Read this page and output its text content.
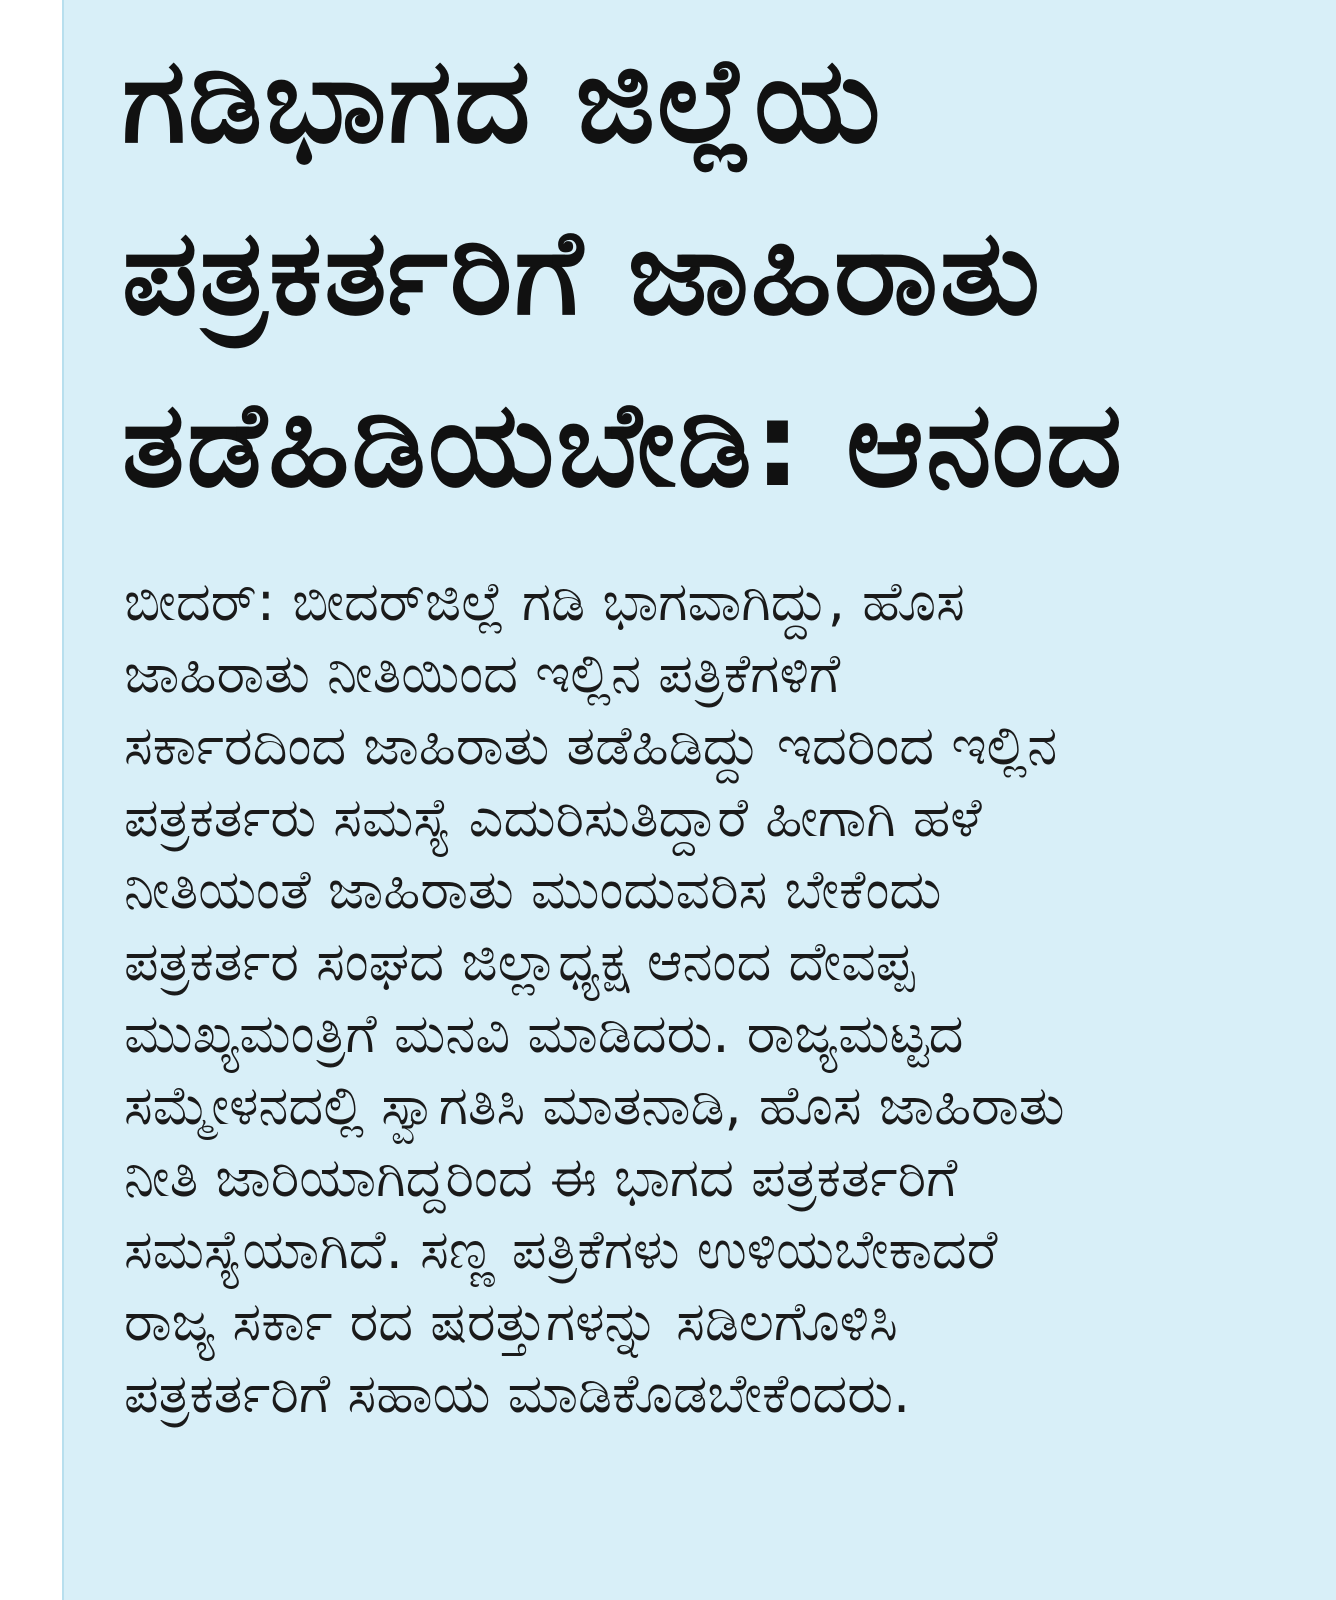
ಗಡಿಭಾಗದ ಜಿಲ್ಲೆಯ
ಪತ್ರಕರ್ತರಿಗೆ ಜಾಹಿರಾತು
ತಡೆಹಿಡಿಯಬೇಡಿ: ಆನಂದ

ಬೀದರ್: ಬೀದರ್‌ಜಿಲ್ಲೆ ಗಡಿ ಭಾಗವಾಗಿದ್ದು, ಹೊಸ
ಜಾಹಿರಾತು ನೀತಿಯಿಂದ ಇಲ್ಲಿನ ಪತ್ರಿಕೆಗಳಿಗೆ
ಸರ್ಕಾರದಿಂದ ಜಾಹಿರಾತು ತಡೆಹಿಡಿದ್ದು ಇದರಿಂದ ಇಲ್ಲಿನ
ಪತ್ರಕರ್ತರು ಸಮಸ್ಯೆ ಎದುರಿಸುತಿದ್ದಾರೆ ಹೀಗಾಗಿ ಹಳೆ
ನೀತಿಯಂತೆ ಜಾಹಿರಾತು ಮುಂದುವರಿಸ ಬೇಕೆಂದು
ಪತ್ರಕರ್ತರ ಸಂಘದ ಜಿಲ್ಲಾಧ್ಯಕ್ಷ ಆನಂದ ದೇವಪ್ಪ
ಮುಖ್ಯಮಂತ್ರಿಗೆ ಮನವಿ ಮಾಡಿದರು. ರಾಜ್ಯಮಟ್ಟದ
ಸಮ್ಮೇಳನದಲ್ಲಿ ಸ್ವಾಗತಿಸಿ ಮಾತನಾಡಿ, ಹೊಸ ಜಾಹಿರಾತು
ನೀತಿ ಜಾರಿಯಾಗಿದ್ದರಿಂದ ಈ ಭಾಗದ ಪತ್ರಕರ್ತರಿಗೆ
ಸಮಸ್ಯೆಯಾಗಿದೆ. ಸಣ್ಣ ಪತ್ರಿಕೆಗಳು ಉಳಿಯಬೇಕಾದರೆ
ರಾಜ್ಯ ಸರ್ಕಾ ರದ ಷರತ್ತುಗಳನ್ನು ಸಡಿಲಗೊಳಿಸಿ
ಪತ್ರಕರ್ತರಿಗೆ ಸಹಾಯ ಮಾಡಿಕೊಡಬೇಕೆಂದರು.
